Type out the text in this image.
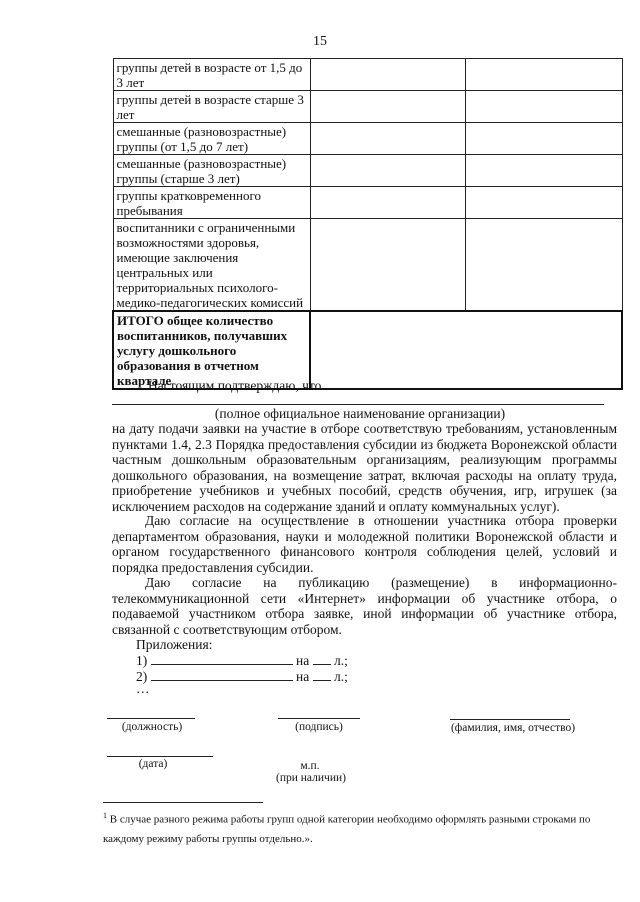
15
группы детей в возрасте от 1,5 до 3 лет		
группы детей в возрасте старше 3 лет		
смешанные (разновозрастные) группы (от 1,5 до 7 лет)		
смешанные (разновозрастные) группы (старше 3 лет)		
группы кратковременного пребывания		
воспитанники с ограниченными возможностями здоровья, имеющие заключения центральных или территориальных психолого-медико-педагогических комиссий		
ИТОГО общее количество воспитанников, получавших услугу дошкольного образования в отчетном квартале		
Настоящим подтверждаю, что
(полное официальное наименование организации)

на дату подачи заявки на участие в отборе соответствую требованиям, установленным пунктами 1.4, 2.3 Порядка предоставления субсидии из бюджета Воронежской области частным дошкольным образовательным организациям, реализующим программы дошкольного образования, на возмещение затрат, включая расходы на оплату труда, приобретение учебников и учебных пособий, средств обучения, игр, игрушек (за исключением расходов на содержание зданий и оплату коммунальных услуг).

Даю согласие на осуществление в отношении участника отбора проверки департаментом образования, науки и молодежной политики Воронежской области и органом государственного финансового контроля соблюдения целей, условий и порядка предоставления субсидии.

Даю согласие на публикацию (размещение) в информационно-телекоммуникационной сети «Интернет» информации об участнике отбора, о подаваемой участником отбора заявке, иной информации об участнике отбора, связанной с соответствующим отбором.

Приложения:
1)	на л.;
2)	на л.;
…
(должность)	(подпись)	(фамилия, имя, отчество)
(дата)	м.п.
(при наличии)
$^1$ В случае разного режима работы групп одной категории необходимо оформлять разными строками по каждому режиму работы группы отдельно.».
